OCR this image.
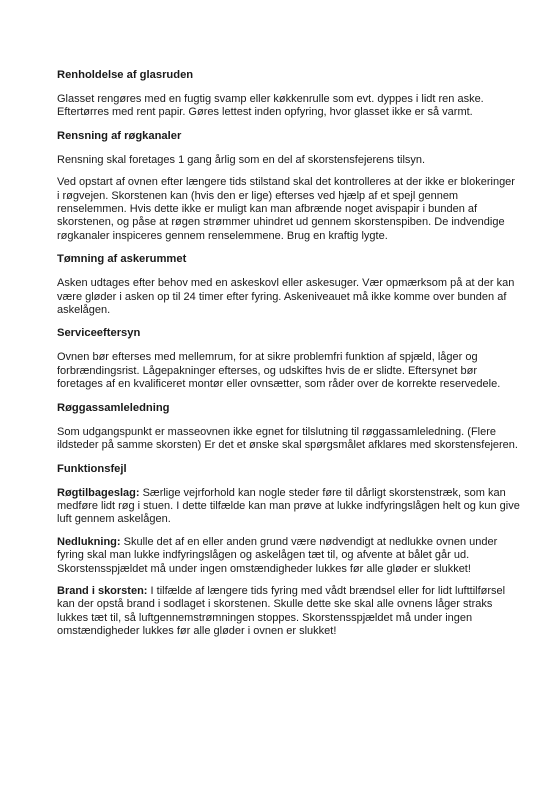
Renholdelse af glasruden

Glasset rengøres med en fugtig svamp eller køkkenrulle som evt. dyppes i lidt ren aske. Eftertørres med rent papir. Gøres lettest inden opfyring, hvor glasset ikke er så varmt.

Rensning af røgkanaler

Rensning skal foretages 1 gang årlig som en del af skorstensfejerens tilsyn.

Ved opstart af ovnen efter længere tids stilstand skal det kontrolleres at der ikke er blokeringer i røgvejen. Skorstenen kan (hvis den er lige) efterses ved hjælp af et spejl gennem renselemmen. Hvis dette ikke er muligt kan man afbrænde noget avispapir i bunden af skorstenen, og påse at røgen strømmer uhindret ud gennem skorstenspiben. De indvendige røgkanaler inspiceres gennem renselemmene. Brug en kraftig lygte.

Tømning af askerummet

Asken udtages efter behov med en askeskovl eller askesuger. Vær opmærksom på at der kan være gløder i asken op til 24 timer efter fyring. Askeniveauet må ikke komme over bunden af askelågen.

Serviceeftersyn

Ovnen bør efterses med mellemrum, for at sikre problemfri funktion af spjæld, låger og forbrændingsrist. Lågepakninger efterses, og udskiftes hvis de er slidte. Eftersynet bør foretages af en kvalificeret montør eller ovnsætter, som råder over de korrekte reservedele.

Røggassamleledning

Som udgangspunkt er masseovnen ikke egnet for tilslutning til røggassamleledning. (Flere ildsteder på samme skorsten) Er det et ønske skal spørgsmålet afklares med skorstensfejeren.

Funktionsfejl

Røgtilbageslag: Særlige vejrforhold kan nogle steder føre til dårligt skorstenstræk, som kan medføre lidt røg i stuen. I dette tilfælde kan man prøve at lukke indfyringslågen helt og kun give luft gennem askelågen.

Nedlukning: Skulle det af en eller anden grund være nødvendigt at nedlukke ovnen under fyring skal man lukke indfyringslågen og askelågen tæt til, og afvente at bålet går ud. Skorstensspjældet må under ingen omstændigheder lukkes før alle gløder er slukket!

Brand i skorsten: I tilfælde af længere tids fyring med vådt brændsel eller for lidt lufttilførsel kan der opstå brand i sodlaget i skorstenen. Skulle dette ske skal alle ovnens låger straks lukkes tæt til, så luftgennemstrømningen stoppes. Skorstensspjældet må under ingen omstændigheder lukkes før alle gløder i ovnen er slukket!
